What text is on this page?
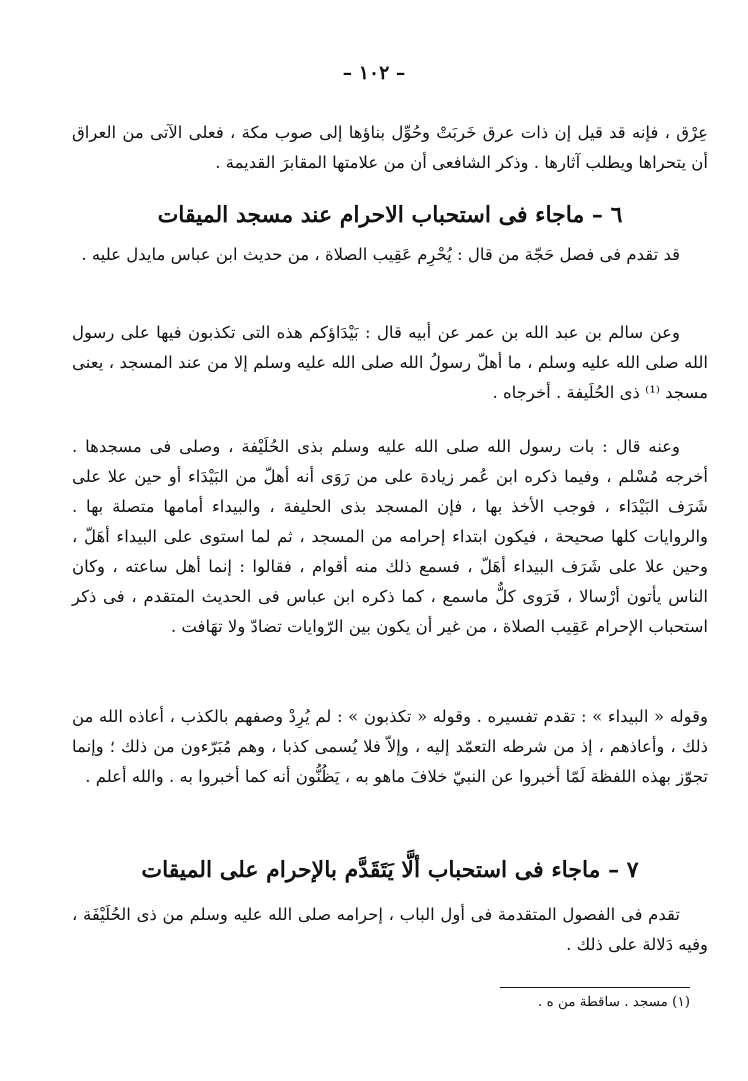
– ١٠٢ –

عِرْق ، فإنه قد قيل إن ذات عرق خَربَتْ وحُوِّل بناؤها إلى صوب مكة ، فعلى الآتى من العراق أن يتحراها ويطلب آثارها . وذكر الشافعى أن من علامتها المقابرَ القديمة .

٦ – ماجاء فى استحباب الاحرام عند مسجد الميقات

قد تقدم فى فصل حَجّة من قال : يُحْرِم عَقِيب الصلاة ، من حديث ابن عباس مايدل عليه .

وعن سالم بن عبد الله بن عمر عن أبيه قال : بَيْدَاؤكم هذه التى تكذبون فيها على رسول الله صلى الله عليه وسلم ، ما أهلّ رسولُ الله صلى الله عليه وسلم إلا من عند المسجد ، يعنى مسجد ⁽¹⁾ ذى الحُلَيفة . أخرجاه .

وعنه قال : بات رسول الله صلى الله عليه وسلم بذى الحُلَيْفة ، وصلى فى مسجدها . أخرجه مُسْلم ، وفيما ذكره ابن عُمر زيادة على من رَوَى أنه أهلّ من البَيْدَاء أو حين علا على شَرَف البَيْدَاء ، فوجب الأخذ بها ، فإن المسجد بذى الحليفة ، والبيداء أمامها متصلة بها . والروايات كلها صحيحة ، فيكون ابتداء إحرامه من المسجد ، ثم لما استوى على البيداء أهَلّ ، وحين علا على شَرَف البيداء أهَلّ ، فسمع ذلك منه أقوام ، فقالوا : إنما أهل ساعته ، وكان الناس يأتون أرْسالا ، فَرَوى كلٌّ ماسمع ، كما ذكره ابن عباس فى الحديث المتقدم ، فى ذكر استحباب الإحرام عَقِيب الصلاة ، من غير أن يكون بين الرّوايات تضادّ ولا تهَافت .

وقوله « البيداء » : تقدم تفسيره . وقوله « تكذبون » : لم يُرِدْ وصفهم بالكذب ، أعاذه الله من ذلك ، وأعاذهم ، إذ من شرطه التعمّد إليه ، وإلاّ فلا يُسمى كذبا ، وهم مُبَرّءون من ذلك ؛ وإنما تجوّز بهذه اللفظة لَمّا أخبروا عن النبيّ خلافَ ماهو به ، يَظُنُّون أنه كما أخبروا به . والله أعلم .

٧ – ماجاء فى استحباب ألَّا يَتَقَدَّم بالإحرام على الميقات

تقدم فى الفصول المتقدمة فى أول الباب ، إحرامه صلى الله عليه وسلم من ذى الحُلَيْفَة ، وفيه دَلالة على ذلك .

(١) مسجد . ساقطة من ه .
